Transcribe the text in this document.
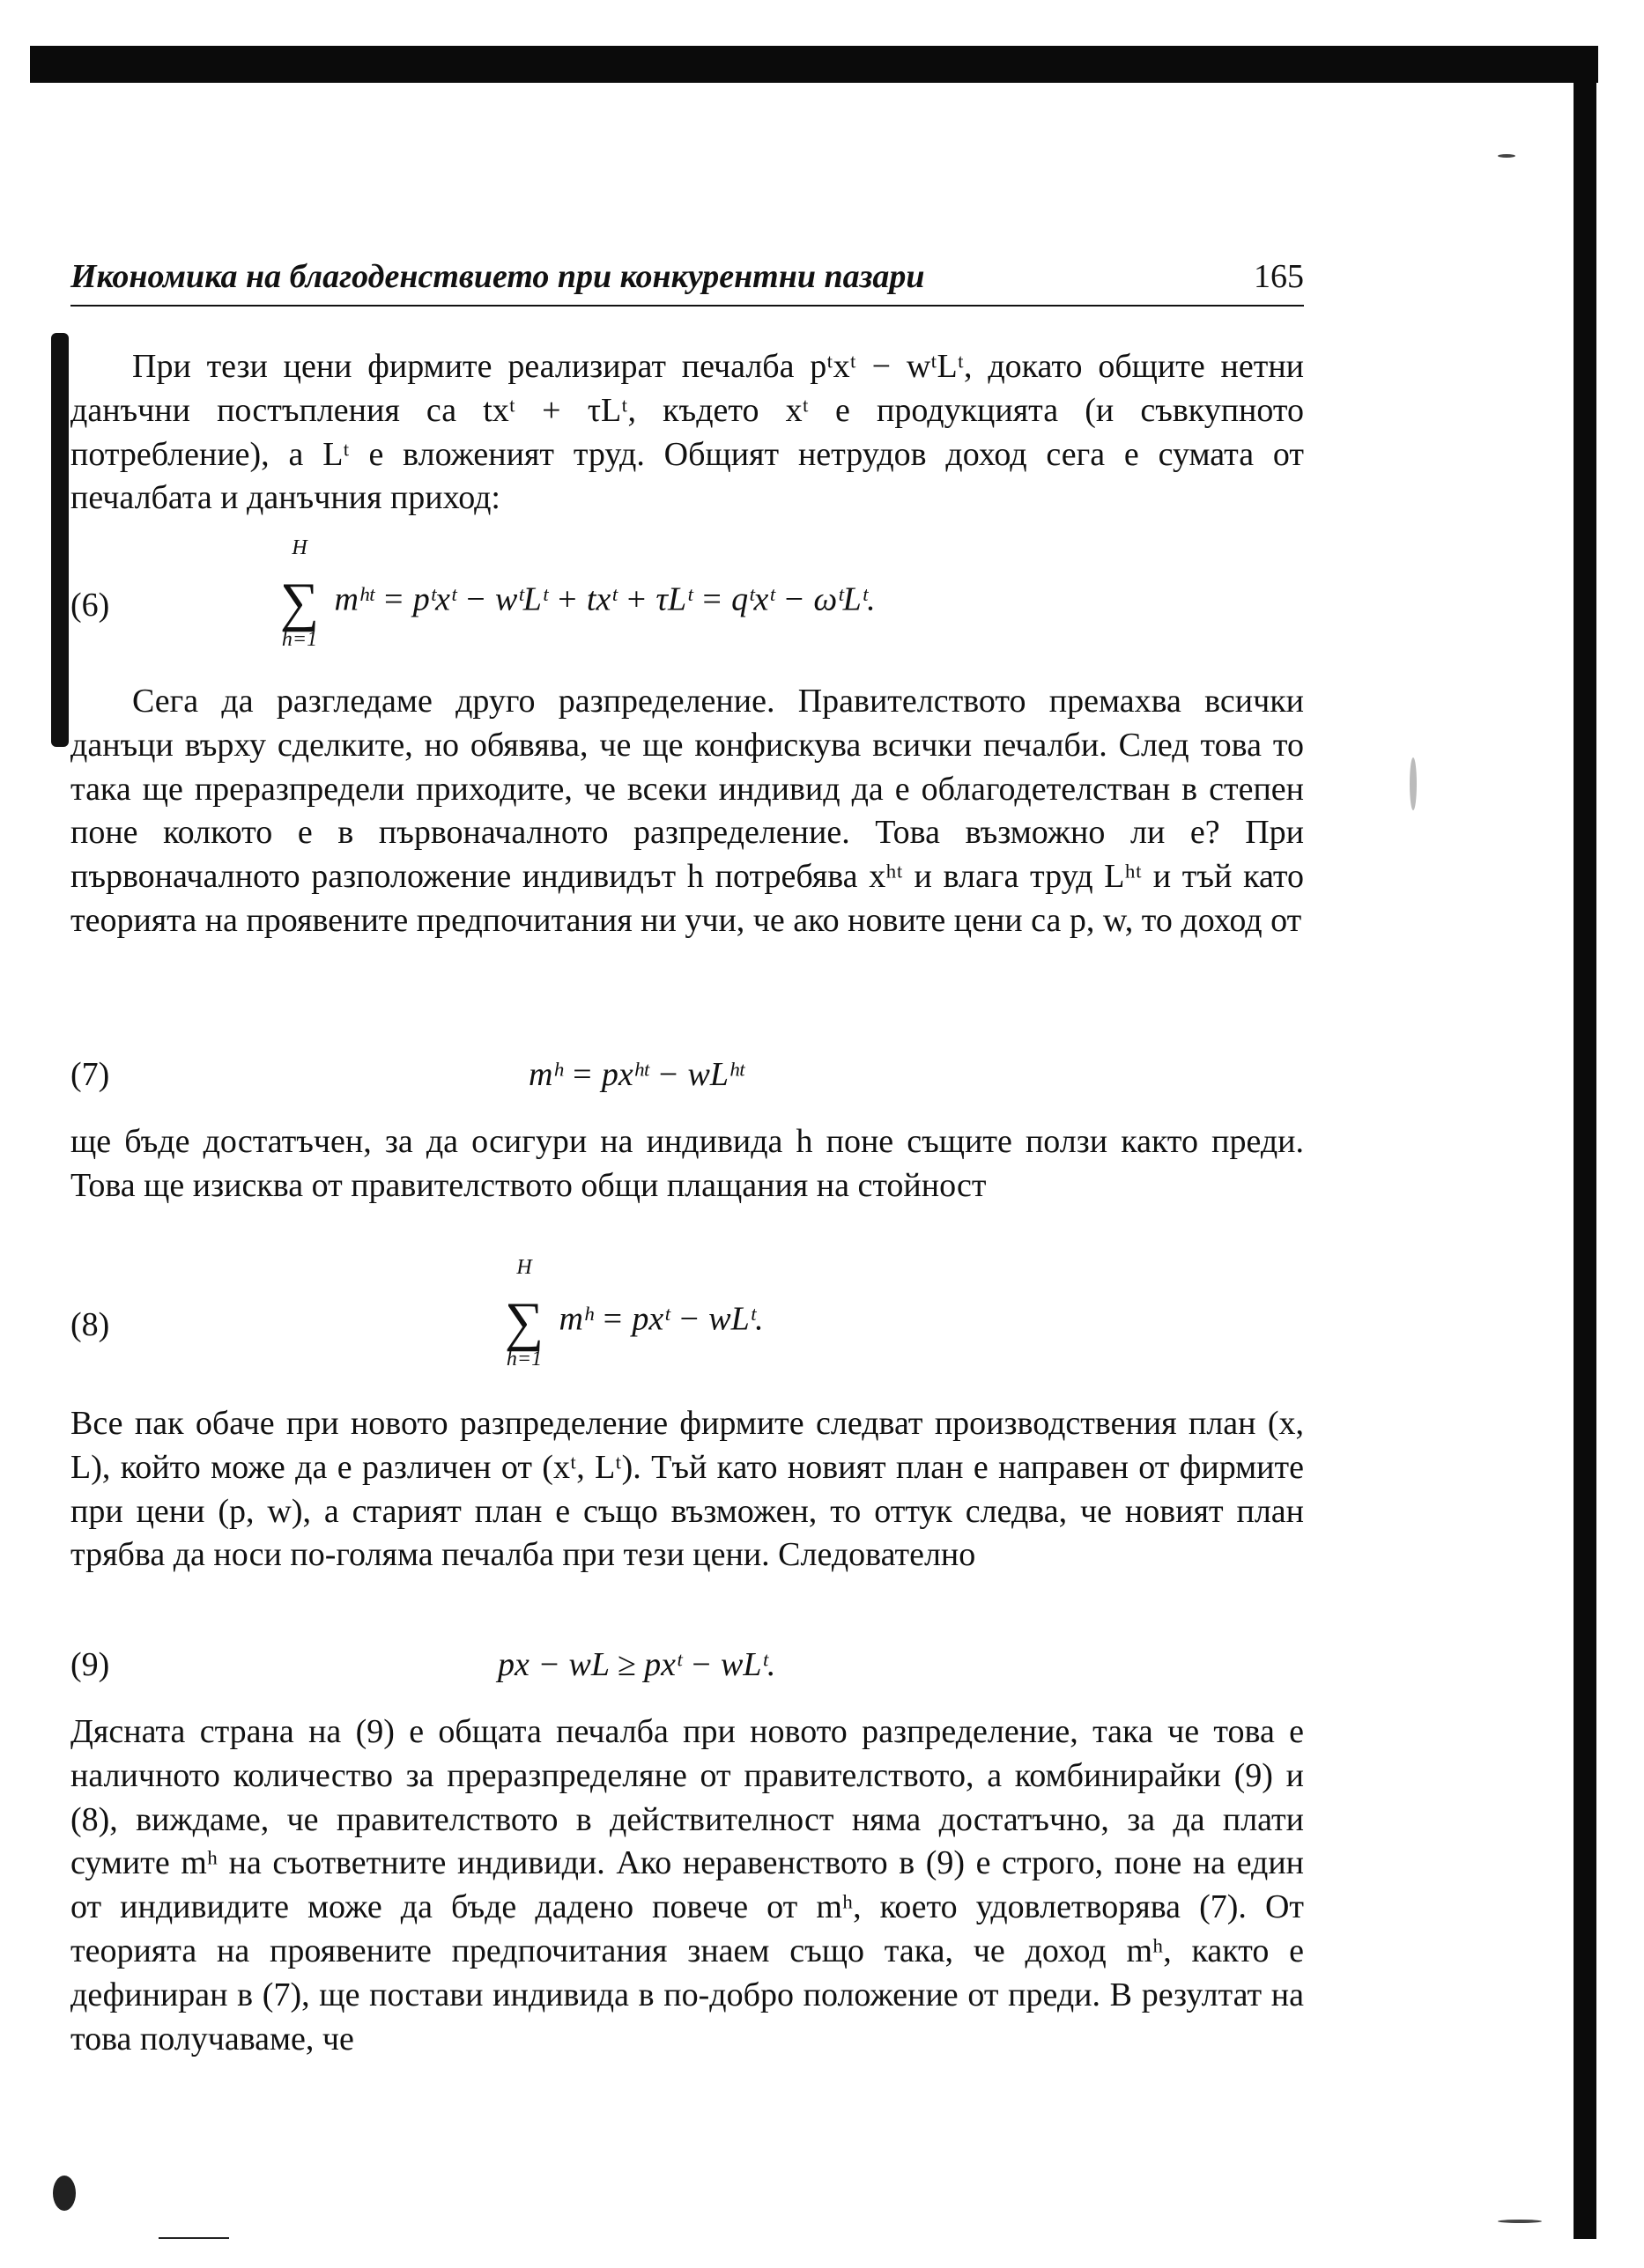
Икономика на благоденствието при конкурентни пазари	165

При тези цени фирмите реализират печалба pᵗxᵗ − wᵗLᵗ, докато общите нетни данъчни постъпления са txᵗ + τLᵗ, където xᵗ е продукцията (и съвкупното потребление), а Lᵗ е вложеният труд. Общият нетрудов доход сега е сумата от печалбата и данъчния приход:

(6)
H
∑
h=1
mʰᵗ = pᵗxᵗ − wᵗLᵗ + txᵗ + τLᵗ = qᵗxᵗ − ωᵗLᵗ.

Сега да разгледаме друго разпределение. Правителството премахва всички данъци върху сделките, но обявява, че ще конфискува всички печалби. След това то така ще преразпредели приходите, че всеки индивид да е облагодетелстван в степен поне колкото е в първоначалното разпределение. Това възможно ли е? При първоначалното разположение индивидът h потребява xʰᵗ и влага труд Lʰᵗ и тъй като теорията на проявените предпочитания ни учи, че ако новите цени са p, w, то доход от

(7)	mʰ = pxʰᵗ − wLʰᵗ

ще бъде достатъчен, за да осигури на индивида h поне същите ползи както преди. Това ще изисква от правителството общи плащания на стойност

(8)
H
∑
h=1
mʰ = pxᵗ − wLᵗ.

Все пак обаче при новото разпределение фирмите следват производствения план (x, L), който може да е различен от (xᵗ, Lᵗ). Тъй като новият план е направен от фирмите при цени (p, w), а старият план е също възможен, то оттук следва, че новият план трябва да носи по-голяма печалба при тези цени. Следователно

(9)	px − wL ≥ pxᵗ − wLᵗ.

Дясната страна на (9) е общата печалба при новото разпределение, така че това е наличното количество за преразпределяне от правителството, а комбинирайки (9) и (8), виждаме, че правителството в действителност няма достатъчно, за да плати сумите mʰ на съответните индивиди. Ако неравенството в (9) е строго, поне на един от индивидите може да бъде дадено повече от mʰ, което удовлетворява (7). От теорията на проявените предпочитания знаем също така, че доход mʰ, както е дефиниран в (7), ще постави индивида в по-добро положение от преди. В резултат на това получаваме, че
